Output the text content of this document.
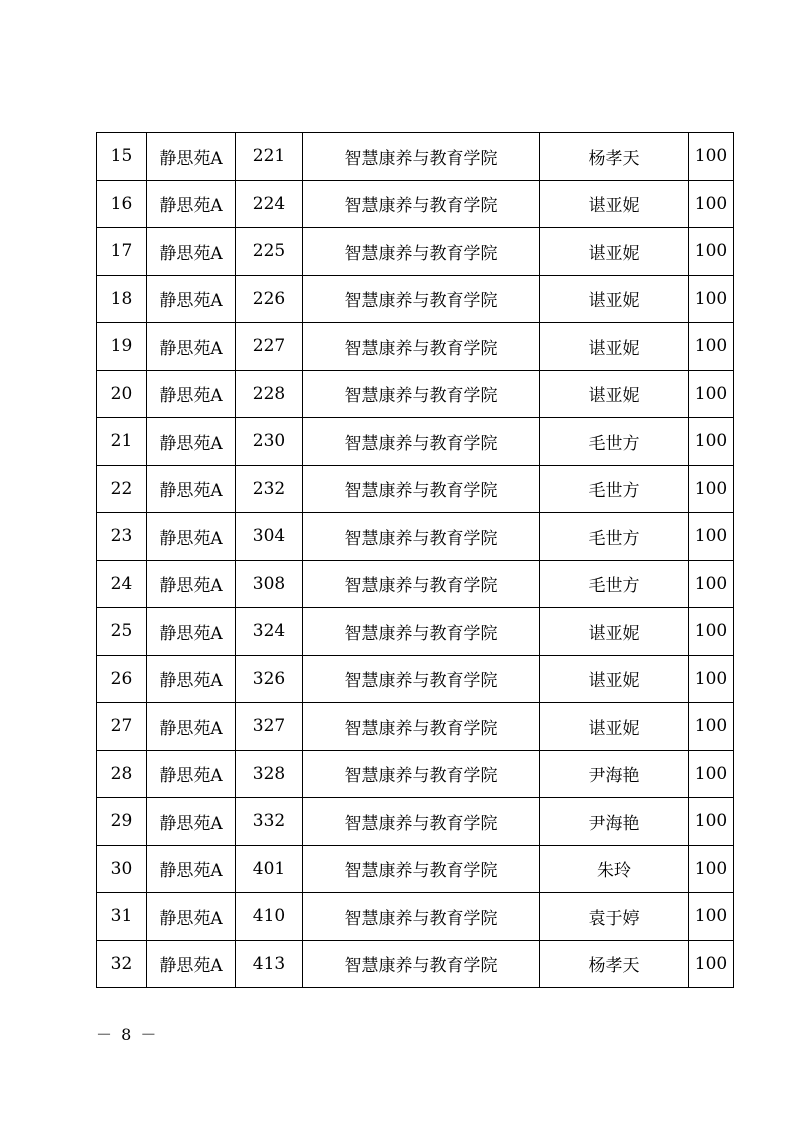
15	静思苑A	221	智慧康养与教育学院	杨孝天	100
16	静思苑A	224	智慧康养与教育学院	谌亚妮	100
17	静思苑A	225	智慧康养与教育学院	谌亚妮	100
18	静思苑A	226	智慧康养与教育学院	谌亚妮	100
19	静思苑A	227	智慧康养与教育学院	谌亚妮	100
20	静思苑A	228	智慧康养与教育学院	谌亚妮	100
21	静思苑A	230	智慧康养与教育学院	毛世方	100
22	静思苑A	232	智慧康养与教育学院	毛世方	100
23	静思苑A	304	智慧康养与教育学院	毛世方	100
24	静思苑A	308	智慧康养与教育学院	毛世方	100
25	静思苑A	324	智慧康养与教育学院	谌亚妮	100
26	静思苑A	326	智慧康养与教育学院	谌亚妮	100
27	静思苑A	327	智慧康养与教育学院	谌亚妮	100
28	静思苑A	328	智慧康养与教育学院	尹海艳	100
29	静思苑A	332	智慧康养与教育学院	尹海艳	100
30	静思苑A	401	智慧康养与教育学院	朱玲	100
31	静思苑A	410	智慧康养与教育学院	袁于婷	100
32	静思苑A	413	智慧康养与教育学院	杨孝天	100
－ 8 －
